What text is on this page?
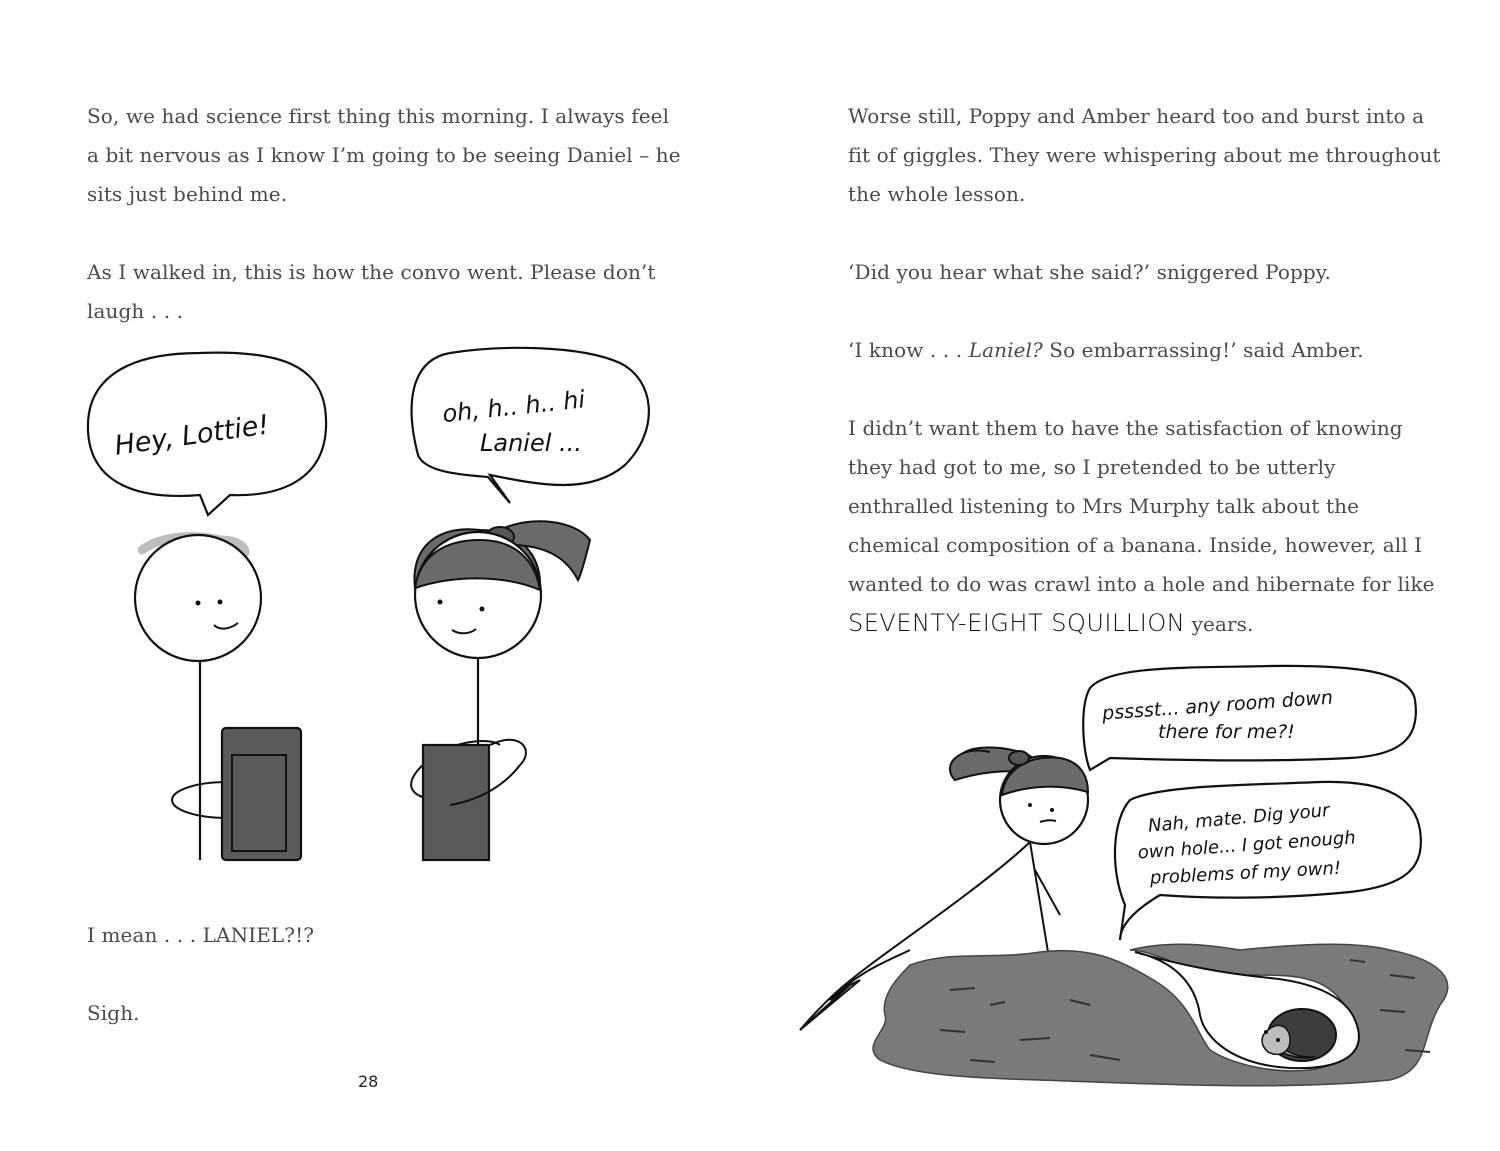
So, we had science first thing this morning. I always feel
a bit nervous as I know I’m going to be seeing Daniel – he
sits just behind me.

As I walked in, this is how the convo went. Please don’t
laugh . . .

Hey, Lottie!
oh, h.. h.. hi
Laniel ...

I mean . . . LANIEL?!?

Sigh.

28

Worse still, Poppy and Amber heard too and burst into a
fit of giggles. They were whispering about me throughout
the whole lesson.

‘Did you hear what she said?’ sniggered Poppy.

‘I know . . . Laniel? So embarrassing!’ said Amber.

I didn’t want them to have the satisfaction of knowing
they had got to me, so I pretended to be utterly
enthralled listening to Mrs Murphy talk about the
chemical composition of a banana. Inside, however, all I
wanted to do was crawl into a hole and hibernate for like
SEVENTY-EIGHT SQUILLION years.

psssst... any room down
there for me?!
Nah, mate. Dig your
own hole... I got enough
problems of my own!
